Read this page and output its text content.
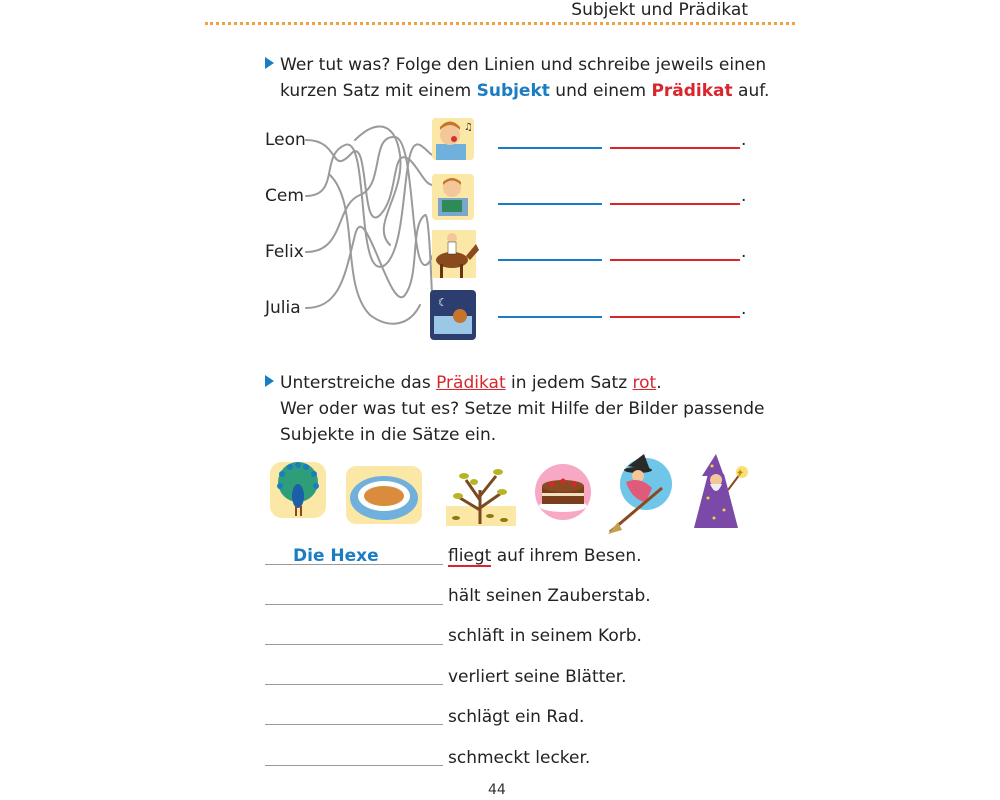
Subjekt und Prädikat
Wer tut was? Folge den Linien und schreibe jeweils einen
kurzen Satz mit einem Subjekt und einem Prädikat auf.
Leon
Cem
Felix
Julia
♫
☾
.
.
.
.
Unterstreiche das Prädikat in jedem Satz rot.
Wer oder was tut es? Setze mit Hilfe der Bilder passende
Subjekte in die Sätze ein.
✦
Die Hexe	fliegt auf ihrem Besen.
hält seinen Zauberstab.
schläft in seinem Korb.
verliert seine Blätter.
schlägt ein Rad.
schmeckt lecker.
44
